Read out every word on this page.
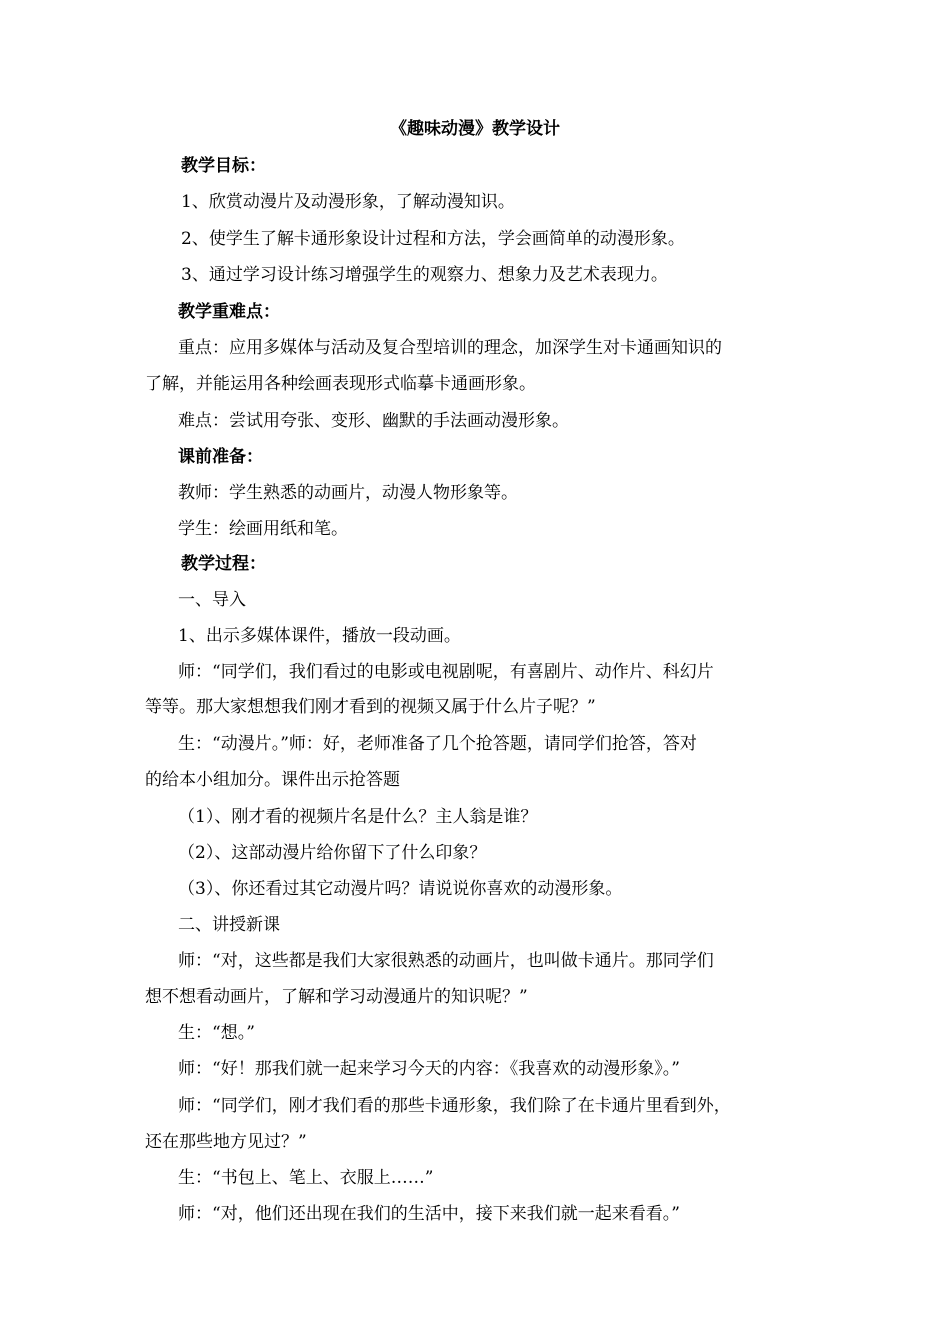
《趣味动漫》教学设计
教学目标：
1、欣赏动漫片及动漫形象，了解动漫知识。
2、使学生了解卡通形象设计过程和方法，学会画简单的动漫形象。
3、通过学习设计练习增强学生的观察力、想象力及艺术表现力。
教学重难点：
重点：应用多媒体与活动及复合型培训的理念，加深学生对卡通画知识的
了解，并能运用各种绘画表现形式临摹卡通画形象。
难点：尝试用夸张、变形、幽默的手法画动漫形象。
课前准备：
教师：学生熟悉的动画片，动漫人物形象等。
学生：绘画用纸和笔。
教学过程：
一、导入
1、出示多媒体课件，播放一段动画。
师：“同学们，我们看过的电影或电视剧呢，有喜剧片、动作片、科幻片
等等。那大家想想我们刚才看到的视频又属于什么片子呢？”
生：“动漫片。”师：好，老师准备了几个抢答题，请同学们抢答，答对
的给本小组加分。课件出示抢答题
（1）、刚才看的视频片名是什么？主人翁是谁？
（2）、这部动漫片给你留下了什么印象？
（3）、你还看过其它动漫片吗？请说说你喜欢的动漫形象。
二、讲授新课
师：“对，这些都是我们大家很熟悉的动画片，也叫做卡通片。那同学们
想不想看动画片，了解和学习动漫通片的知识呢？”
生：“想。”
师：“好！那我们就一起来学习今天的内容：《我喜欢的动漫形象》。”
师：“同学们，刚才我们看的那些卡通形象，我们除了在卡通片里看到外，
还在那些地方见过？”
生：“书包上、笔上、衣服上……”
师：“对，他们还出现在我们的生活中，接下来我们就一起来看看。”
